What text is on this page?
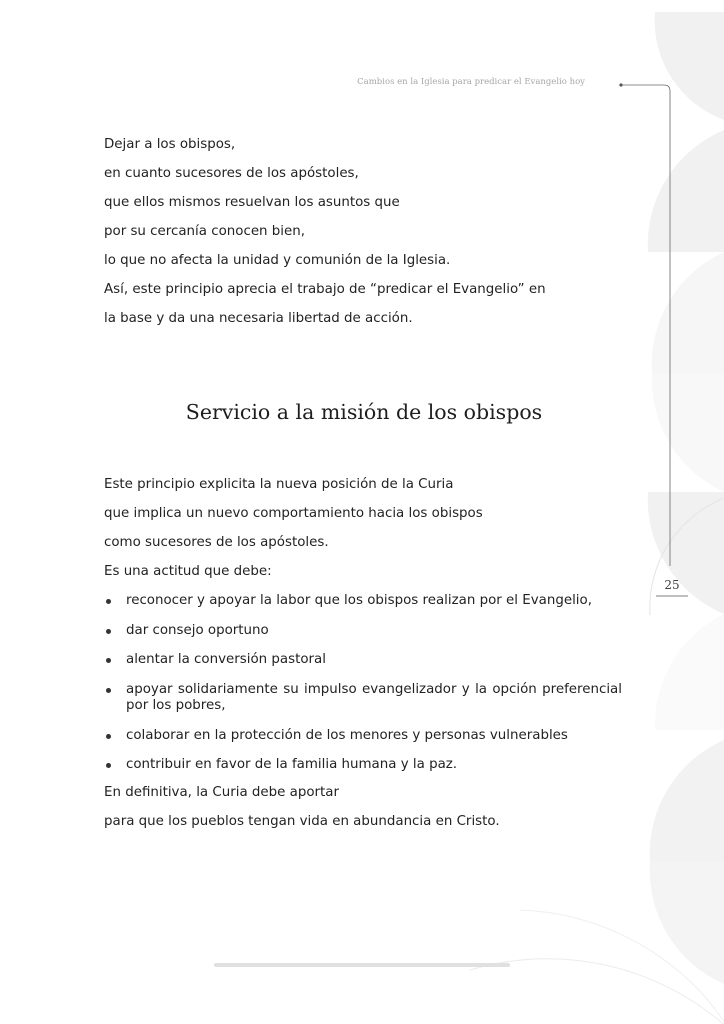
Cambios en la Iglesia para predicar el Evangelio hoy
25

Dejar a los obispos,

en cuanto sucesores de los apóstoles,

que ellos mismos resuelvan los asuntos que

por su cercanía conocen bien,

lo que no afecta la unidad y comunión de la Iglesia.

Así, este principio aprecia el trabajo de “predicar el Evangelio” en

la base y da una necesaria libertad de acción.

Servicio a la misión de los obispos

Este principio explicita la nueva posición de la Curia

que implica un nuevo comportamiento hacia los obispos

como sucesores de los apóstoles.

Es una actitud que debe:

reconocer y apoyar la labor que los obispos realizan por el Evangelio,
dar consejo oportuno
alentar la conversión pastoral
apoyar solidariamente su impulso evangelizador y la opción preferencial por los pobres,
colaborar en la protección de los menores y personas vulnerables
contribuir en favor de la familia humana y la paz.

En definitiva, la Curia debe aportar

para que los pueblos tengan vida en abundancia en Cristo.
